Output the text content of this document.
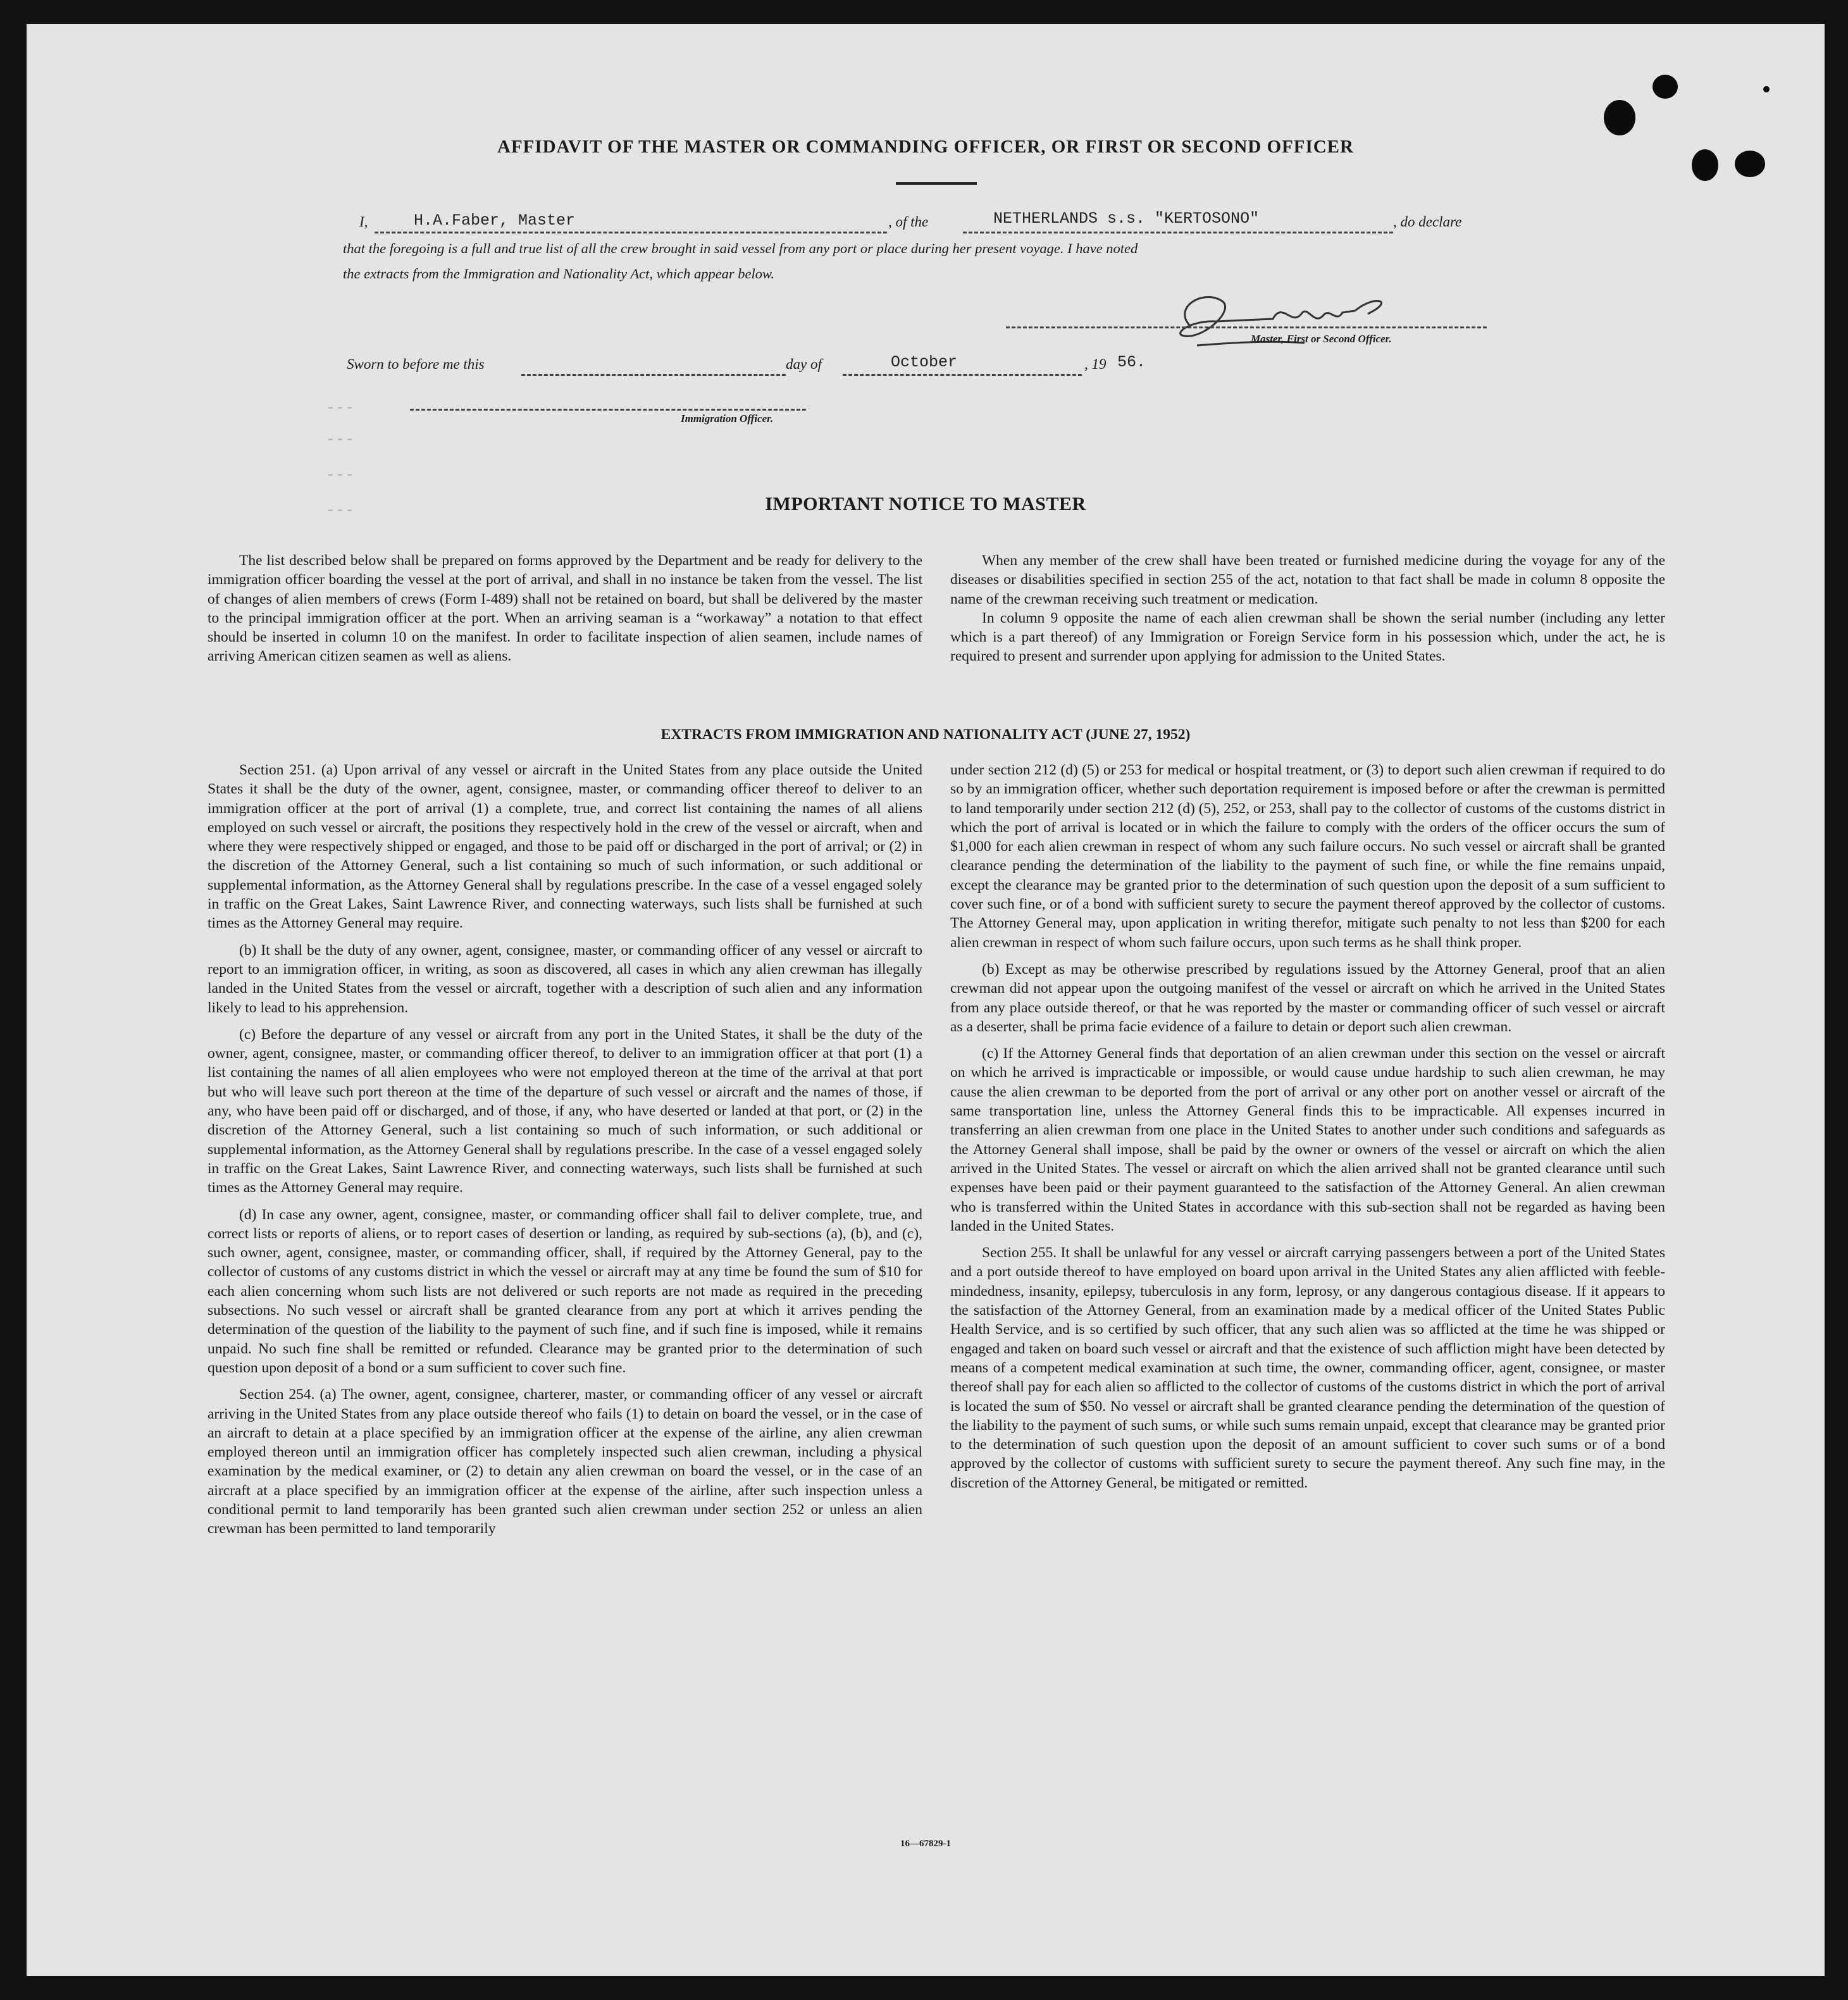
AFFIDAVIT OF THE MASTER OR COMMANDING OFFICER, OR FIRST OR SECOND OFFICER
I,	H.A.Faber, Master	, of the	NETHERLANDS s.s. "KERTOSONO"	, do declare
that the foregoing is a full and true list of all the crew brought in said vessel from any port or place during her present voyage. I have noted
the extracts from the Immigration and Nationality Act, which appear below.
Master, First or Second Officer.
Sworn to before me this	day of	October	, 19 56.
Immigration Officer.
- - -
- - -
- - -
- - -	IMPORTANT NOTICE TO MASTER

The list described below shall be prepared on forms approved by the Department and be ready for delivery to the immigration officer boarding the vessel at the port of arrival, and shall in no instance be taken from the vessel. The list of changes of alien members of crews (Form I-489) shall not be retained on board, but shall be delivered by the master to the principal immigration officer at the port. When an arriving seaman is a “workaway” a notation to that effect should be inserted in column 10 on the manifest. In order to facilitate inspection of alien seamen, include names of arriving American citizen seamen as well as aliens.

When any member of the crew shall have been treated or furnished medicine during the voyage for any of the diseases or disabilities specified in section 255 of the act, notation to that fact shall be made in column 8 opposite the name of the crewman receiving such treatment or medication.

In column 9 opposite the name of each alien crewman shall be shown the serial number (including any letter which is a part thereof) of any Immigration or Foreign Service form in his possession which, under the act, he is required to present and surrender upon applying for admission to the United States.

EXTRACTS FROM IMMIGRATION AND NATIONALITY ACT (JUNE 27, 1952)

Section 251. (a) Upon arrival of any vessel or aircraft in the United States from any place outside the United States it shall be the duty of the owner, agent, consignee, master, or commanding officer thereof to deliver to an immigration officer at the port of arrival (1) a complete, true, and correct list containing the names of all aliens employed on such vessel or aircraft, the positions they respectively hold in the crew of the vessel or aircraft, when and where they were respectively shipped or engaged, and those to be paid off or discharged in the port of arrival; or (2) in the discretion of the Attorney General, such a list containing so much of such information, or such additional or supplemental information, as the Attorney General shall by regulations prescribe. In the case of a vessel engaged solely in traffic on the Great Lakes, Saint Lawrence River, and connecting waterways, such lists shall be furnished at such times as the Attorney General may require.

(b) It shall be the duty of any owner, agent, consignee, master, or commanding officer of any vessel or aircraft to report to an immigration officer, in writing, as soon as discovered, all cases in which any alien crewman has illegally landed in the United States from the vessel or aircraft, together with a description of such alien and any information likely to lead to his apprehension.

(c) Before the departure of any vessel or aircraft from any port in the United States, it shall be the duty of the owner, agent, consignee, master, or commanding officer thereof, to deliver to an immigration officer at that port (1) a list containing the names of all alien employees who were not employed thereon at the time of the arrival at that port but who will leave such port thereon at the time of the departure of such vessel or aircraft and the names of those, if any, who have been paid off or discharged, and of those, if any, who have deserted or landed at that port, or (2) in the discretion of the Attorney General, such a list containing so much of such information, or such additional or supplemental information, as the Attorney General shall by regulations prescribe. In the case of a vessel engaged solely in traffic on the Great Lakes, Saint Lawrence River, and connecting waterways, such lists shall be furnished at such times as the Attorney General may require.

(d) In case any owner, agent, consignee, master, or commanding officer shall fail to deliver complete, true, and correct lists or reports of aliens, or to report cases of desertion or landing, as required by sub-sections (a), (b), and (c), such owner, agent, consignee, master, or commanding officer, shall, if required by the Attorney General, pay to the collector of customs of any customs district in which the vessel or aircraft may at any time be found the sum of $10 for each alien concerning whom such lists are not delivered or such reports are not made as required in the preceding subsections. No such vessel or aircraft shall be granted clearance from any port at which it arrives pending the determination of the question of the liability to the payment of such fine, and if such fine is imposed, while it remains unpaid. No such fine shall be remitted or refunded. Clearance may be granted prior to the determination of such question upon deposit of a bond or a sum sufficient to cover such fine.

Section 254. (a) The owner, agent, consignee, charterer, master, or commanding officer of any vessel or aircraft arriving in the United States from any place outside thereof who fails (1) to detain on board the vessel, or in the case of an aircraft to detain at a place specified by an immigration officer at the expense of the airline, any alien crewman employed thereon until an immigration officer has completely inspected such alien crewman, including a physical examination by the medical examiner, or (2) to detain any alien crewman on board the vessel, or in the case of an aircraft at a place specified by an immigration officer at the expense of the airline, after such inspection unless a conditional permit to land temporarily has been granted such alien crewman under section 252 or unless an alien crewman has been permitted to land temporarily

under section 212 (d) (5) or 253 for medical or hospital treatment, or (3) to deport such alien crewman if required to do so by an immigration officer, whether such deportation requirement is imposed before or after the crewman is permitted to land temporarily under section 212 (d) (5), 252, or 253, shall pay to the collector of customs of the customs district in which the port of arrival is located or in which the failure to comply with the orders of the officer occurs the sum of $1,000 for each alien crewman in respect of whom any such failure occurs. No such vessel or aircraft shall be granted clearance pending the determination of the liability to the payment of such fine, or while the fine remains unpaid, except the clearance may be granted prior to the determination of such question upon the deposit of a sum sufficient to cover such fine, or of a bond with sufficient surety to secure the payment thereof approved by the collector of customs. The Attorney General may, upon application in writing therefor, mitigate such penalty to not less than $200 for each alien crewman in respect of whom such failure occurs, upon such terms as he shall think proper.

(b) Except as may be otherwise prescribed by regulations issued by the Attorney General, proof that an alien crewman did not appear upon the outgoing manifest of the vessel or aircraft on which he arrived in the United States from any place outside thereof, or that he was reported by the master or commanding officer of such vessel or aircraft as a deserter, shall be prima facie evidence of a failure to detain or deport such alien crewman.

(c) If the Attorney General finds that deportation of an alien crewman under this section on the vessel or aircraft on which he arrived is impracticable or impossible, or would cause undue hardship to such alien crewman, he may cause the alien crewman to be deported from the port of arrival or any other port on another vessel or aircraft of the same transportation line, unless the Attorney General finds this to be impracticable. All expenses incurred in transferring an alien crewman from one place in the United States to another under such conditions and safeguards as the Attorney General shall impose, shall be paid by the owner or owners of the vessel or aircraft on which the alien arrived in the United States. The vessel or aircraft on which the alien arrived shall not be granted clearance until such expenses have been paid or their payment guaranteed to the satisfaction of the Attorney General. An alien crewman who is transferred within the United States in accordance with this sub-section shall not be regarded as having been landed in the United States.

Section 255. It shall be unlawful for any vessel or aircraft carrying passengers between a port of the United States and a port outside thereof to have employed on board upon arrival in the United States any alien afflicted with feeble-mindedness, insanity, epilepsy, tuberculosis in any form, leprosy, or any dangerous contagious disease. If it appears to the satisfaction of the Attorney General, from an examination made by a medical officer of the United States Public Health Service, and is so certified by such officer, that any such alien was so afflicted at the time he was shipped or engaged and taken on board such vessel or aircraft and that the existence of such affliction might have been detected by means of a competent medical examination at such time, the owner, commanding officer, agent, consignee, or master thereof shall pay for each alien so afflicted to the collector of customs of the customs district in which the port of arrival is located the sum of $50. No vessel or aircraft shall be granted clearance pending the determination of the question of the liability to the payment of such sums, or while such sums remain unpaid, except that clearance may be granted prior to the determination of such question upon the deposit of an amount sufficient to cover such sums or of a bond approved by the collector of customs with sufficient surety to secure the payment thereof. Any such fine may, in the discretion of the Attorney General, be mitigated or remitted.

16—67829-1
